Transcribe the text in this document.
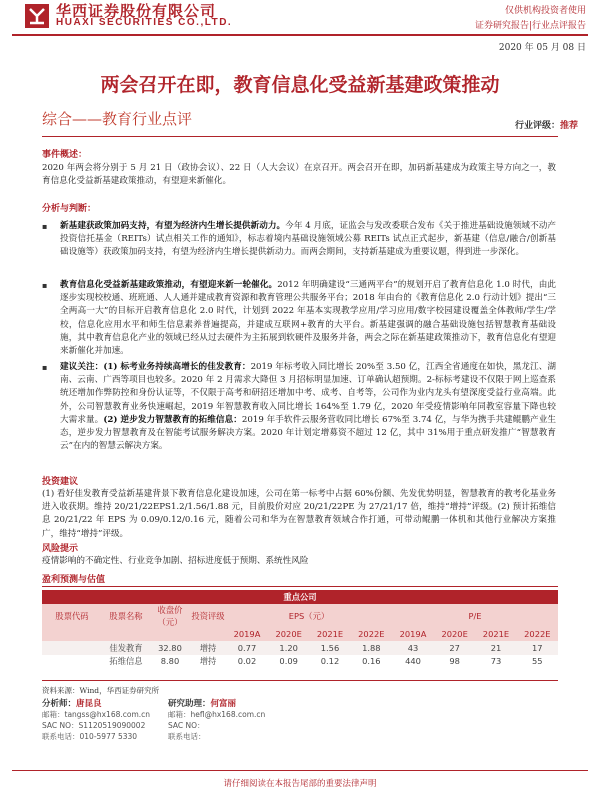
华西证券股份有限公司
HUAXI SECURITIES CO.,LTD.
仅供机构投资者使用
证券研究报告|行业点评报告
2020 年 05 月 08 日
两会召开在即，教育信息化受益新基建政策推动
综合——教育行业点评	行业评级：推荐
事件概述：

2020 年两会将分别于 5 月 21 日（政协会议）、22 日（人大会议）在京召开。两会召开在即，加码新基建成为政策主导方向之一，教育信息化受益新基建政策推动，有望迎来新催化。

分析与判断：
▪ 新基建获政策加码支持，有望为经济内生增长提供新动力。今年 4 月底，证监会与发改委联合发布《关于推进基础设施领域不动产投资信托基金（REITs）试点相关工作的通知》，标志着境内基础设施领域公募 REITs 试点正式起步，新基建（信息/融合/创新基础设施等）获政策加码支持，有望为经济内生增长提供新动力。而两会期间，支持新基建成为重要议题，得到进一步深化。

▪ 教育信息化受益新基建政策推动，有望迎来新一轮催化。2012 年明确建设“三通两平台”的规划开启了教育信息化 1.0 时代，由此逐步实现校校通、班班通、人人通并建成教育资源和教育管理公共服务平台；2018 年由台的《教育信息化 2.0 行动计划》提出“三全两高一大”的目标开启教育信息化 2.0 时代，计划到 2022 年基本实现教学应用/学习应用/数字校园建设覆盖全体教师/学生/学校，信息化应用水平和师生信息素养普遍提高，并建成互联网+教育的大平台。新基建强调的融合基础设施包括智慧教育基础设施，其中教育信息化产业的领域已经从过去硬件为主拓展到软硬件及服务并备，两会之际在新基建政策推动下，教育信息化有望迎来新催化并加速。

▪ 建议关注：(1) 标考业务持续高增长的佳发教育：2019 年标考收入同比增长 20%至 3.50 亿，江西全省通度在如快，黑龙江、湖南、云南、广西等项目也较多。2020 年 2 月需求大降但 3 月招标明显加速、订单确认超预期。2-标标考建设不仅限于网上巡查系统还增加作弊防控和身份认证等，不仅限于高考和研招还增加中考、成考、自考等，公司作为业内龙头有望深度受益行业高端。此外，公司智慧教育业务快速崛起，2019 年智慧教育收入同比增长 164%至 1.79 亿，2020 年受疫情影响年同教室容量下降也较大需求量。(2) 逆步发力智慧教育的拓维信息：2019 年手软件云服务营收同比增长 67%至 3.74 亿，与华为携手共建鲲鹏产业生态，逆步发力智慧教育及在智能考试服务解决方案。2020 年计划定增募资不超过 12 亿，其中 31%用于重点研发推广“智慧教育云”在内的智慧云解决方案。

投资建议

(1) 看好佳发教育受益新基建背景下教育信息化建设加速，公司在第一标考中占据 60%份额、先发优势明显，智慧教育的教考化基业务进入收获期。维持 20/21/22EPS1.2/1.56/1.88 元，目前股价对应 20/21/22PE 为 27/21/17 倍，维持“增持”评级。(2) 预计拓维信息 20/21/22 年 EPS 为 0.09/0.12/0.16 元，随着公司和华为在智慧教育领域合作打通，可带动鲲鹏一体机和其他行业解决方案推广，维持“增持”评级。

风险提示

疫情影响的不确定性、行业竞争加剧、招标进度低于预期、系统性风险

盈利预测与估值
重点公司											
股票代码	股票名称	收盘价（元）	投资评级	EPS（元）				P/E			
				2019A	2020E	2021E	2022E	2019A	2020E	2021E	2022E
	佳发教育	32.80	增持	0.77	1.20	1.56	1.88	43	27	21	17
	拓维信息	8.80	增持	0.02	0.09	0.12	0.16	440	98	73	55
资料来源：Wind，华西证券研究所
分析师：唐昆良
邮箱：tangss@hx168.com.cn
SAC NO：S1120519090002
联系电话：010-5977 5330
研究助理：何富丽
邮箱：hefl@hx168.com.cn
SAC NO：
联系电话：
请仔细阅读在本报告尾部的重要法律声明
